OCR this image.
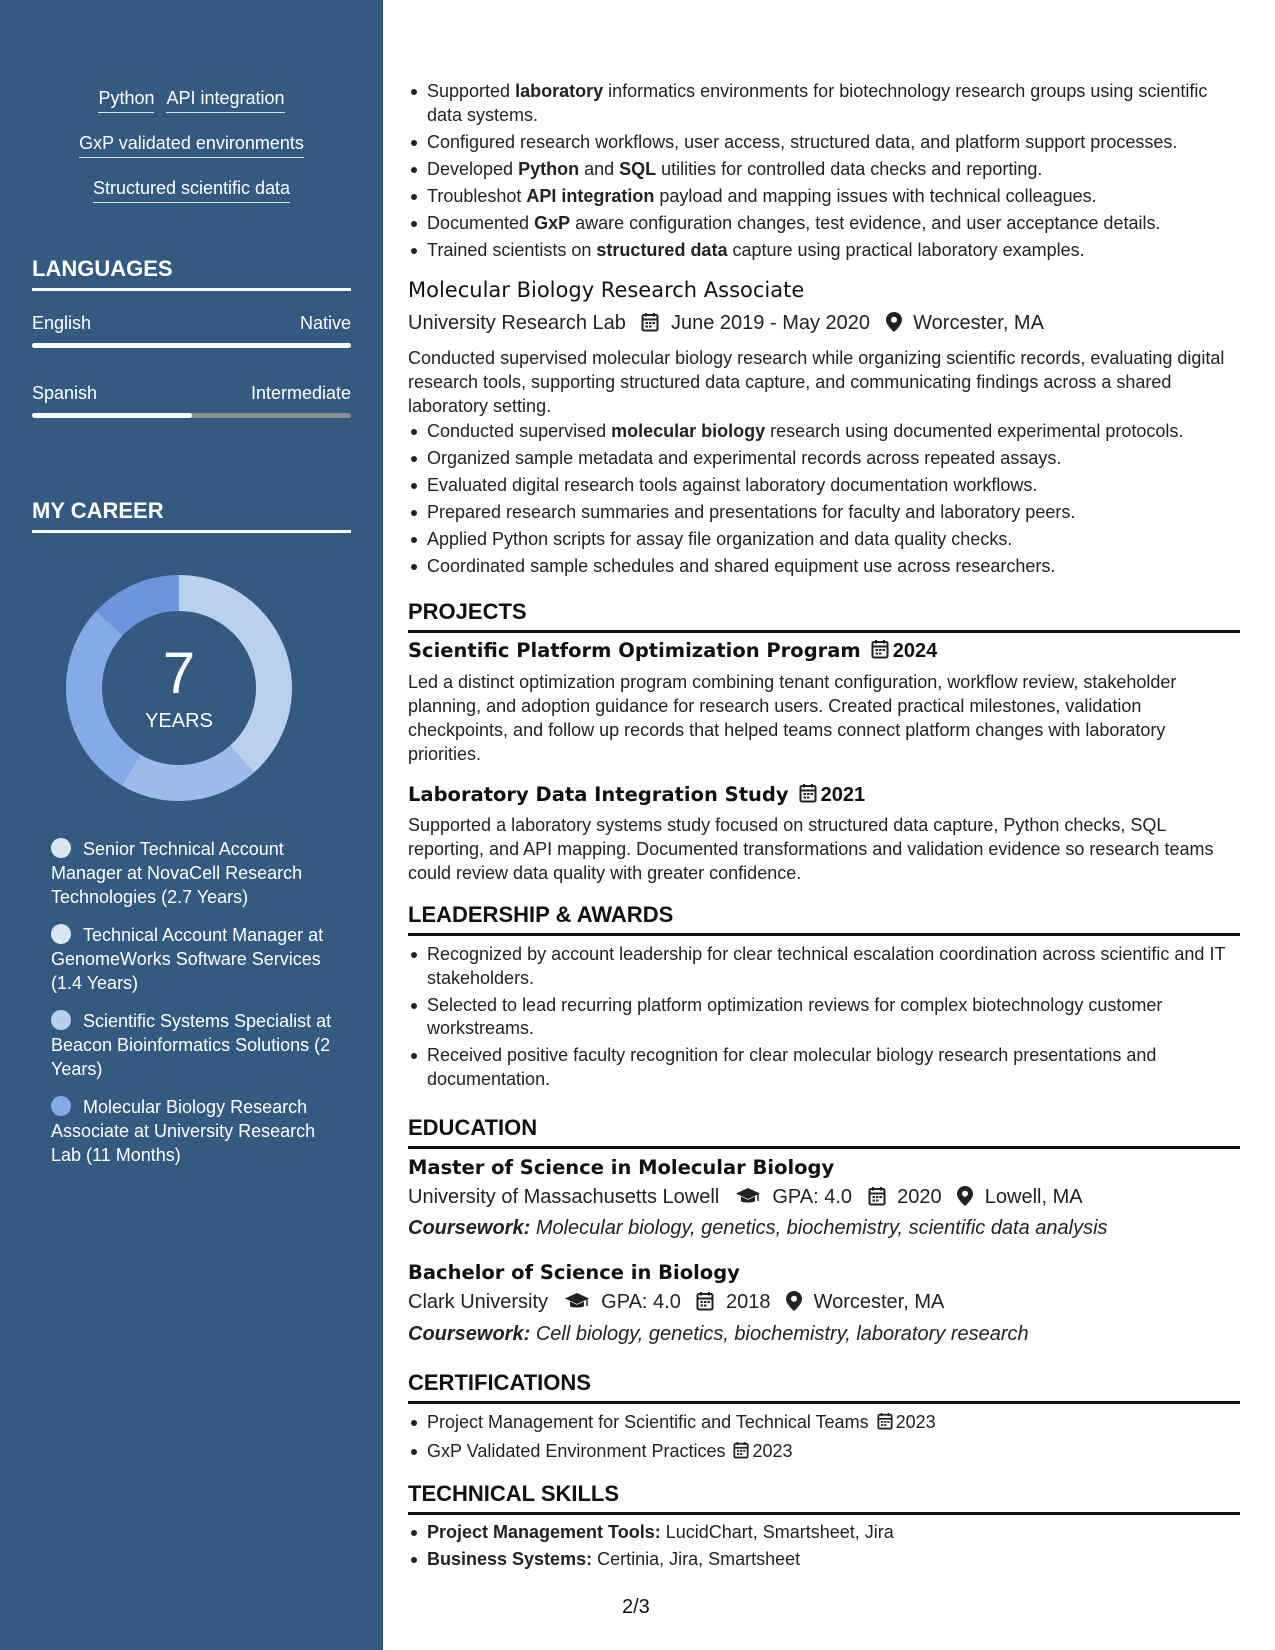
Python API integration
GxP validated environments
Structured scientific data
LANGUAGES
English	Native
Spanish	Intermediate
MY CAREER
7
YEARS
Senior Technical Account Manager at NovaCell Research Technologies (2.7 Years)
Technical Account Manager at GenomeWorks Software Services (1.4 Years)
Scientific Systems Specialist at Beacon Bioinformatics Solutions (2 Years)
Molecular Biology Research Associate at University Research Lab (11 Months)
Supported laboratory informatics environments for biotechnology research groups using scientific data systems.
Configured research workflows, user access, structured data, and platform support processes.
Developed Python and SQL utilities for controlled data checks and reporting.
Troubleshot API integration payload and mapping issues with technical colleagues.
Documented GxP aware configuration changes, test evidence, and user acceptance details.
Trained scientists on structured data capture using practical laboratory examples.
Molecular Biology Research Associate
University Research Lab June 2019 - May 2020 Worcester, MA
Conducted supervised molecular biology research while organizing scientific records, evaluating digital research tools, supporting structured data capture, and communicating findings across a shared laboratory setting.
Conducted supervised molecular biology research using documented experimental protocols.
Organized sample metadata and experimental records across repeated assays.
Evaluated digital research tools against laboratory documentation workflows.
Prepared research summaries and presentations for faculty and laboratory peers.
Applied Python scripts for assay file organization and data quality checks.
Coordinated sample schedules and shared equipment use across researchers.
PROJECTS
Scientific Platform Optimization Program 2024
Led a distinct optimization program combining tenant configuration, workflow review, stakeholder planning, and adoption guidance for research users. Created practical milestones, validation checkpoints, and follow up records that helped teams connect platform changes with laboratory priorities.
Laboratory Data Integration Study 2021
Supported a laboratory systems study focused on structured data capture, Python checks, SQL reporting, and API mapping. Documented transformations and validation evidence so research teams could review data quality with greater confidence.
LEADERSHIP & AWARDS
Recognized by account leadership for clear technical escalation coordination across scientific and IT stakeholders.
Selected to lead recurring platform optimization reviews for complex biotechnology customer workstreams.
Received positive faculty recognition for clear molecular biology research presentations and documentation.
EDUCATION
Master of Science in Molecular Biology
University of Massachusetts Lowell	GPA: 4.0 2020 Lowell, MA
Coursework: Molecular biology, genetics, biochemistry, scientific data analysis
Bachelor of Science in Biology
Clark University	GPA: 4.0 2018 Worcester, MA
Coursework: Cell biology, genetics, biochemistry, laboratory research
CERTIFICATIONS
Project Management for Scientific and Technical Teams 2023
GxP Validated Environment Practices 2023
TECHNICAL SKILLS
Project Management Tools: LucidChart, Smartsheet, Jira
Business Systems: Certinia, Jira, Smartsheet
2/3
